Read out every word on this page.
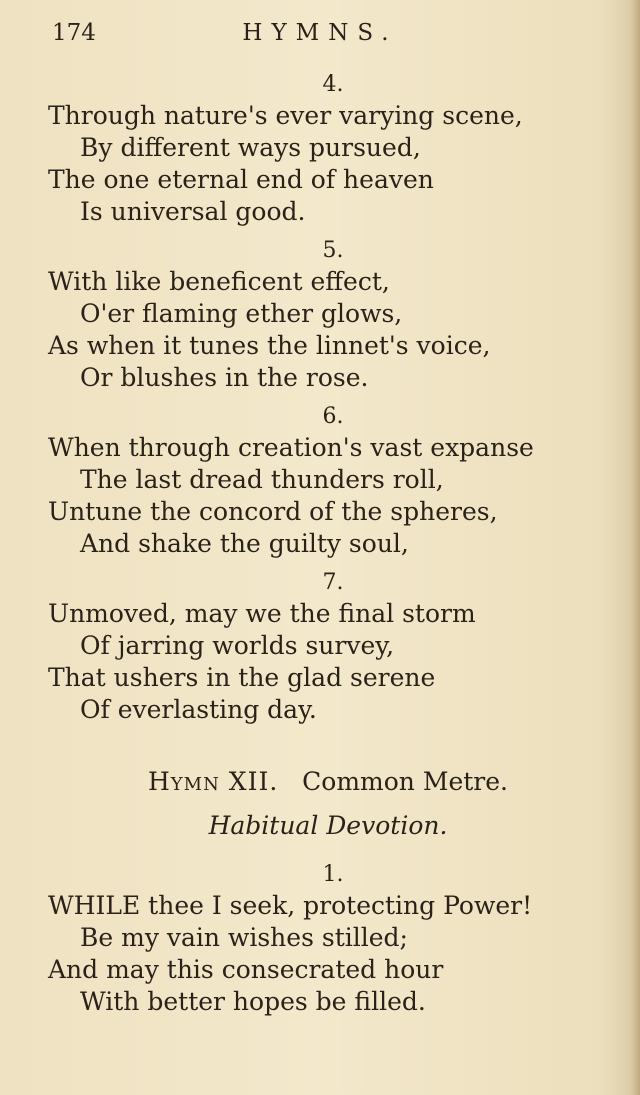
174	HYMNS.
4.
Through nature's ever varying scene,
By different ways pursued,
The one eternal end of heaven
Is universal good.
5.
With like beneficent effect,
O'er flaming ether glows,
As when it tunes the linnet's voice,
Or blushes in the rose.
6.
When through creation's vast expanse
The last dread thunders roll,
Untune the concord of the spheres,
And shake the guilty soul,
7.
Unmoved, may we the final storm
Of jarring worlds survey,
That ushers in the glad serene
Of everlasting day.
Hymn XII. Common Metre.
Habitual Devotion.
1.
WHILE thee I seek, protecting Power!
Be my vain wishes stilled;
And may this consecrated hour
With better hopes be filled.
